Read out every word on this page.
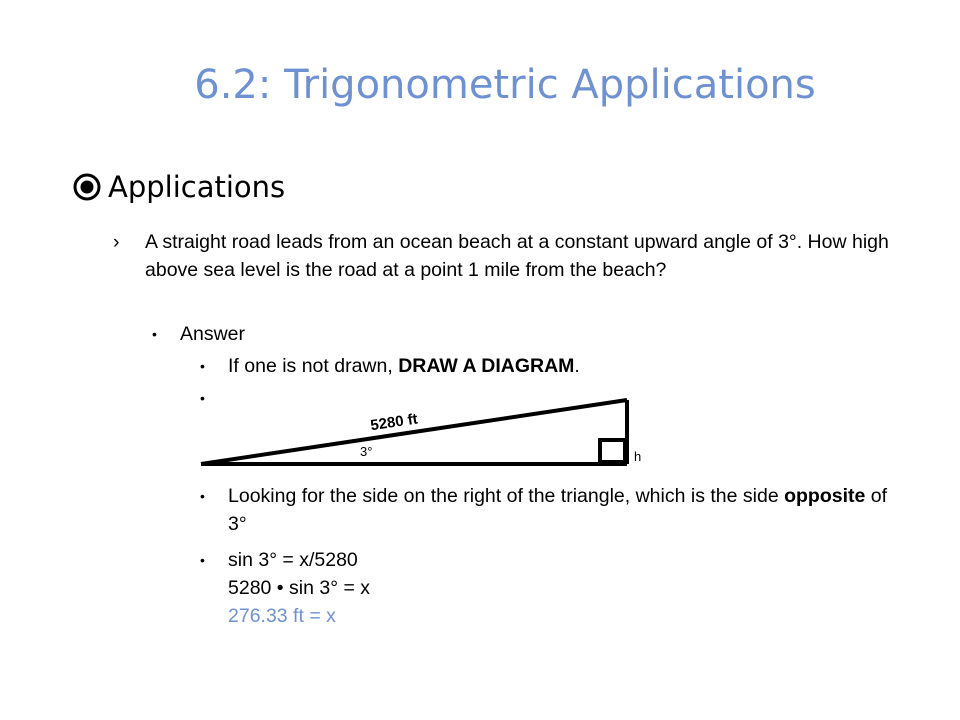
6.2: Trigonometric Applications
Applications
›	A straight road leads from an ocean beach at a constant upward angle of 3°. How high above sea level is the road at a point 1 mile from the beach?
•	Answer
•	If one is not drawn, DRAW A DIAGRAM.
•
5280 ft
3°	h
•	Looking for the side on the right of the triangle, which is the side opposite of 3°
•	sin 3° = x/5280
5280 • sin 3° = x
276.33 ft = x
